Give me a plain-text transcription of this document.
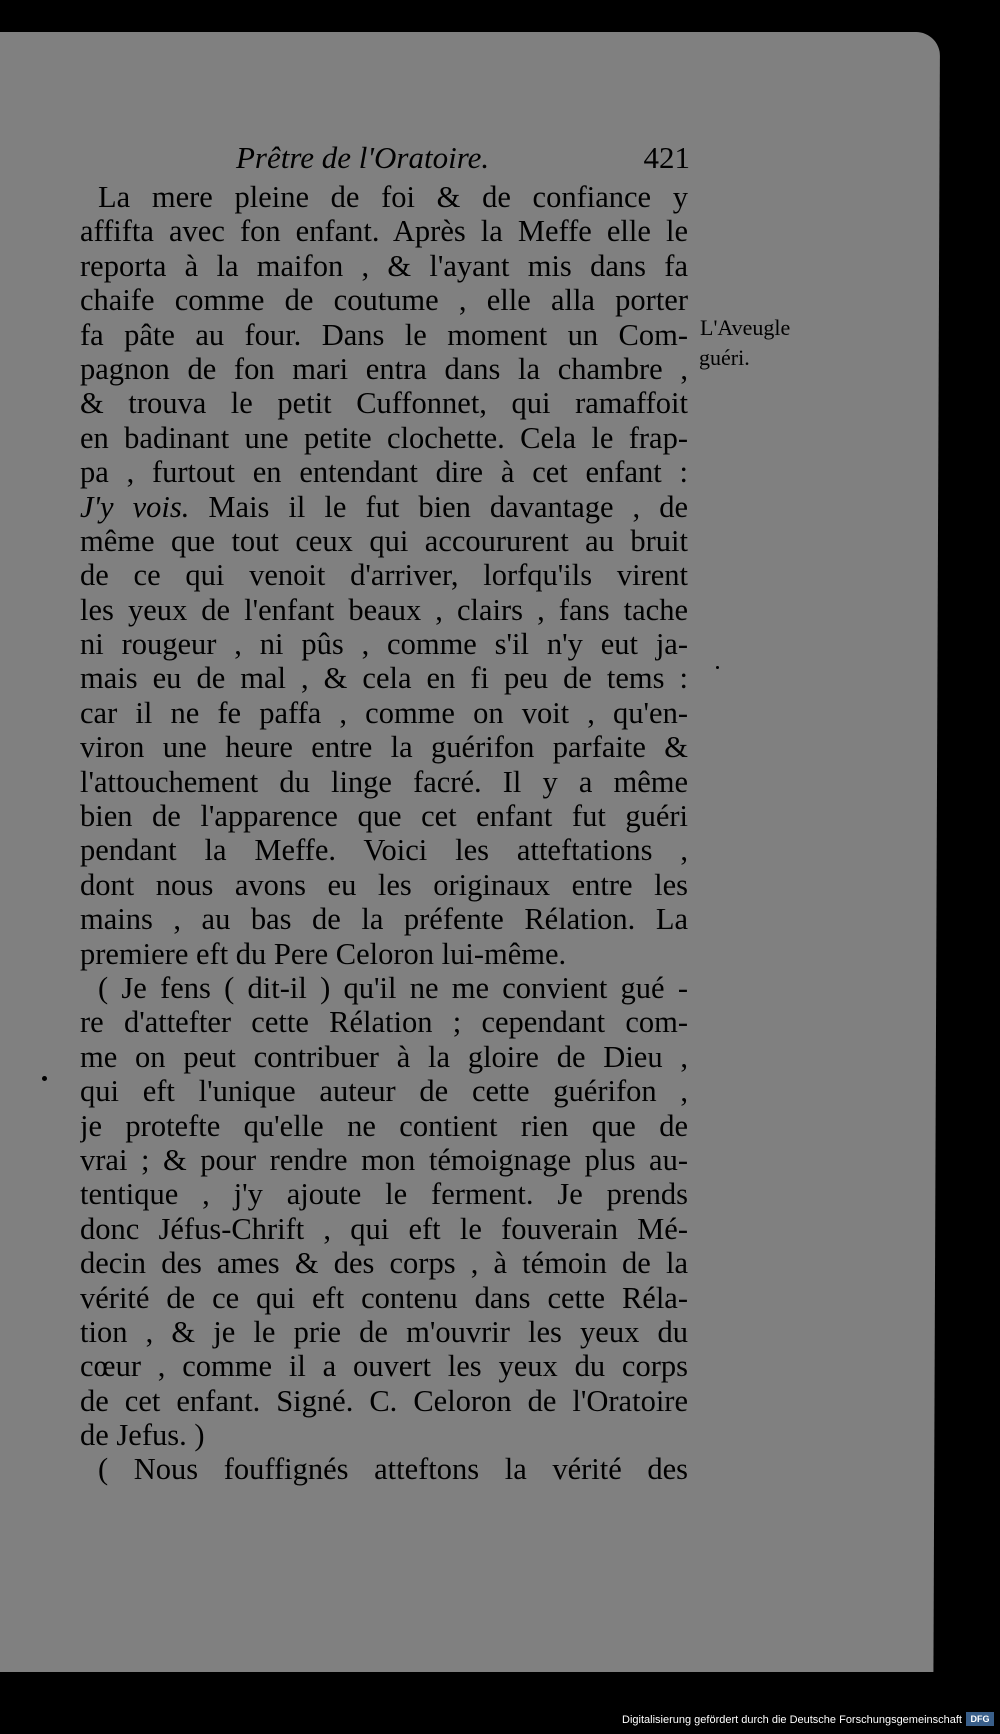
Prêtre de l'Oratoire.	421
L'Aveugle
guéri.
La mere pleine de foi & de confiance y
affifta avec fon enfant. Après la Meffe elle le
reporta à la maifon , & l'ayant mis dans fa
chaife comme de coutume , elle alla porter
fa pâte au four. Dans le moment un Com-
pagnon de fon mari entra dans la chambre ,
& trouva le petit Cuffonnet, qui ramaffoit
en badinant une petite clochette. Cela le frap-
pa , furtout en entendant dire à cet enfant :
J'y vois. Mais il le fut bien davantage , de
même que tout ceux qui accoururent au bruit
de ce qui venoit d'arriver, lorfqu'ils virent
les yeux de l'enfant beaux , clairs , fans tache
ni rougeur , ni pûs , comme s'il n'y eut ja-
mais eu de mal , & cela en fi peu de tems :
car il ne fe paffa , comme on voit , qu'en-
viron une heure entre la guérifon parfaite &
l'attouchement du linge facré. Il y a même
bien de l'apparence que cet enfant fut guéri
pendant la Meffe. Voici les atteftations ,
dont nous avons eu les originaux entre les
mains , au bas de la préfente Rélation. La
premiere eft du Pere Celoron lui-même.
( Je fens ( dit-il ) qu'il ne me convient gué -
re d'attefter cette Rélation ; cependant com-
me on peut contribuer à la gloire de Dieu ,
qui eft l'unique auteur de cette guérifon ,
je protefte qu'elle ne contient rien que de
vrai ; & pour rendre mon témoignage plus au-
tentique , j'y ajoute le ferment. Je prends
donc Jéfus-Chrift , qui eft le fouverain Mé-
decin des ames & des corps , à témoin de la
vérité de ce qui eft contenu dans cette Réla-
tion , & je le prie de m'ouvrir les yeux du
cœur , comme il a ouvert les yeux du corps
de cet enfant. Signé. C. Celoron de l'Oratoire
de Jefus. )
( Nous fouffignés atteftons la vérité des
Digitalisierung gefördert durch die Deutsche Forschungsgemeinschaft DFG
